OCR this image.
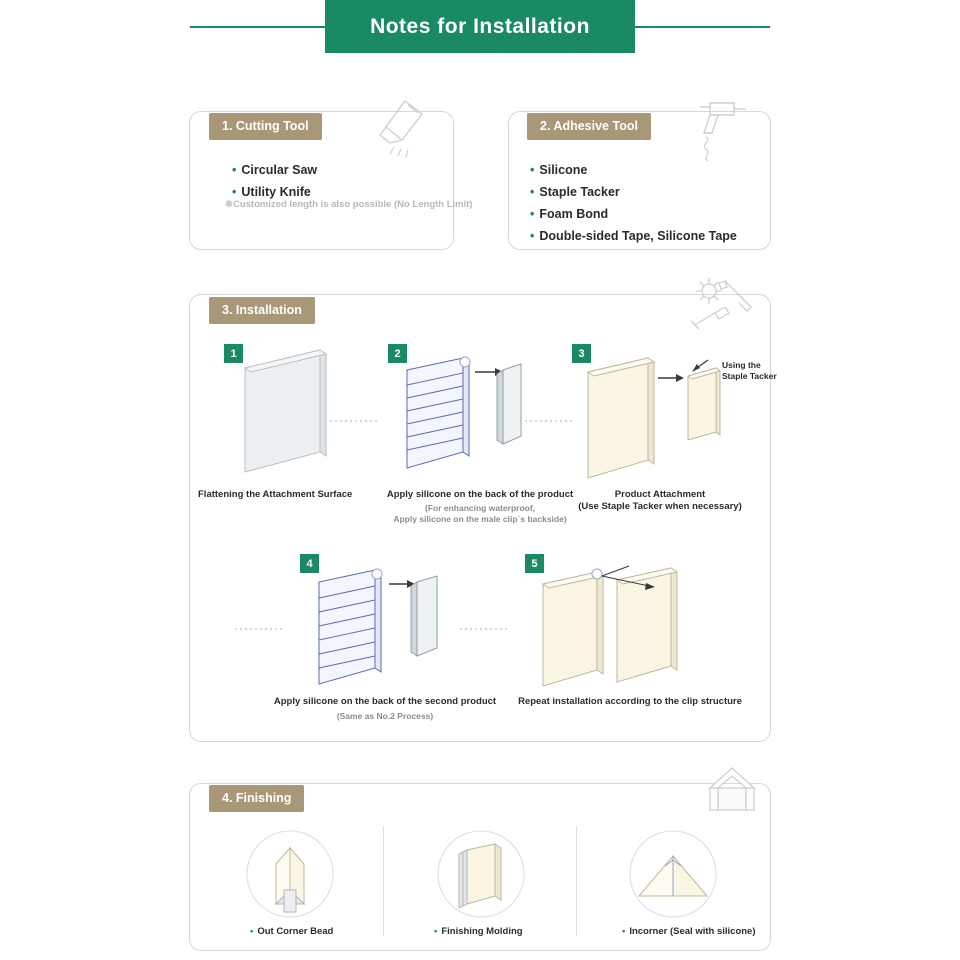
Notes for Installation
1. Cutting Tool
• Circular Saw
• Utility Knife
※Customized length is also possible (No Length Limit)
2. Adhesive Tool
• Silicone
• Staple Tacker
• Foam Bond
• Double-sided Tape, Silicone Tape
3. Installation
1
Flattening the Attachment Surface
2
Apply silicone on the back of the product
(For enhancing waterproof,
Apply silicone on the male clip`s backside)
3
Using the
Staple Tacker
Product Attachment
(Use Staple Tacker when necessary)
4
Apply silicone on the back of the second product
(Same as No.2 Process)
5
Repeat installation according to the clip structure
4. Finishing
• Out Corner Bead	• Finishing Molding	• Incorner (Seal with silicone)
